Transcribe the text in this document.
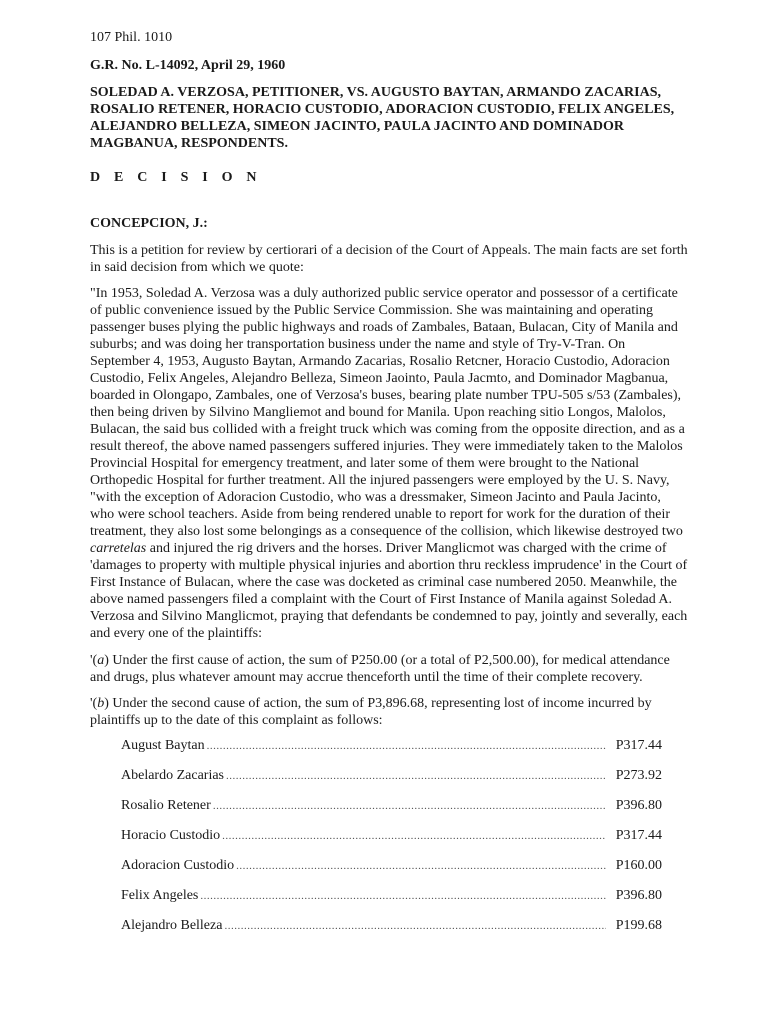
107 Phil. 1010

G.R. No. L-14092, April 29, 1960

SOLEDAD A. VERZOSA, PETITIONER, VS. AUGUSTO BAYTAN, ARMANDO ZACARIAS, ROSALIO RETENER, HORACIO CUSTODIO, ADORACION CUSTODIO, FELIX ANGELES, ALEJANDRO BELLEZA, SIMEON JACINTO, PAULA JACINTO AND DOMINADOR MAGBANUA, RESPONDENTS.

D E C I S I O N

CONCEPCION, J.:

This is a petition for review by certiorari of a decision of the Court of Appeals. The main facts are set forth in said decision from which we quote:

"In 1953, Soledad A. Verzosa was a duly authorized public service operator and possessor of a certificate of public convenience issued by the Public Service Commission. She was maintaining and operating passenger buses plying the public highways and roads of Zambales, Bataan, Bulacan, City of Manila and suburbs; and was doing her transportation business under the name and style of Try-V-Tran. On September 4, 1953, Augusto Baytan, Armando Zacarias, Rosalio Retcner, Horacio Custodio, Adoracion Custodio, Felix Angeles, Alejandro Belleza, Simeon Jaointo, Paula Jacmto, and Dominador Magbanua, boarded in Olongapo, Zambales, one of Verzosa's buses, bearing plate number TPU-505 s/53 (Zambales), then being driven by Silvino Mangliemot and bound for Manila. Upon reaching sitio Longos, Malolos, Bulacan, the said bus collided with a freight truck which was coming from the opposite direction, and as a result thereof, the above named passengers suffered injuries. They were immediately taken to the Malolos Provincial Hospital for emergency treatment, and later some of them were brought to the National Orthopedic Hospital for further treatment. All the injured passengers were employed by the U. S. Navy, "with the exception of Adoracion Custodio, who was a dressmaker, Simeon Jacinto and Paula Jacinto, who were school teachers. Aside from being rendered unable to report for work for the duration of their treatment, they also lost some belongings as a consequence of the collision, which likewise destroyed two
carretelas and injured the rig drivers and the horses. Driver Manglicmot was charged with the crime of 'damages to property with multiple physical injuries and abortion thru reckless imprudence' in the Court of First Instance of Bulacan, where the case was docketed as criminal case numbered 2050. Meanwhile, the above named passengers filed a complaint with the Court of First Instance of Manila against Soledad A. Verzosa and Silvino Manglicmot, praying that defendants be condemned to pay, jointly and severally, each and every one of the plaintiffs:

'(a) Under the first cause of action, the sum of P250.00 (or a total of P2,500.00), for medical attendance and drugs, plus whatever amount may accrue thenceforth until the time of their complete recovery.

'(b) Under the second cause of action, the sum of P3,896.68, representing lost of income incurred by plaintiffs up to the date of this complaint as follows:

August Baytan .....	P317.44
Abelardo Zacarias .....	P273.92
Rosalio Retener .....	P396.80
Horacio Custodio .....	P317.44
Adoracion Custodio .....	P160.00
Felix Angeles .....	P396.80
Alejandro Belleza .....	P199.68
